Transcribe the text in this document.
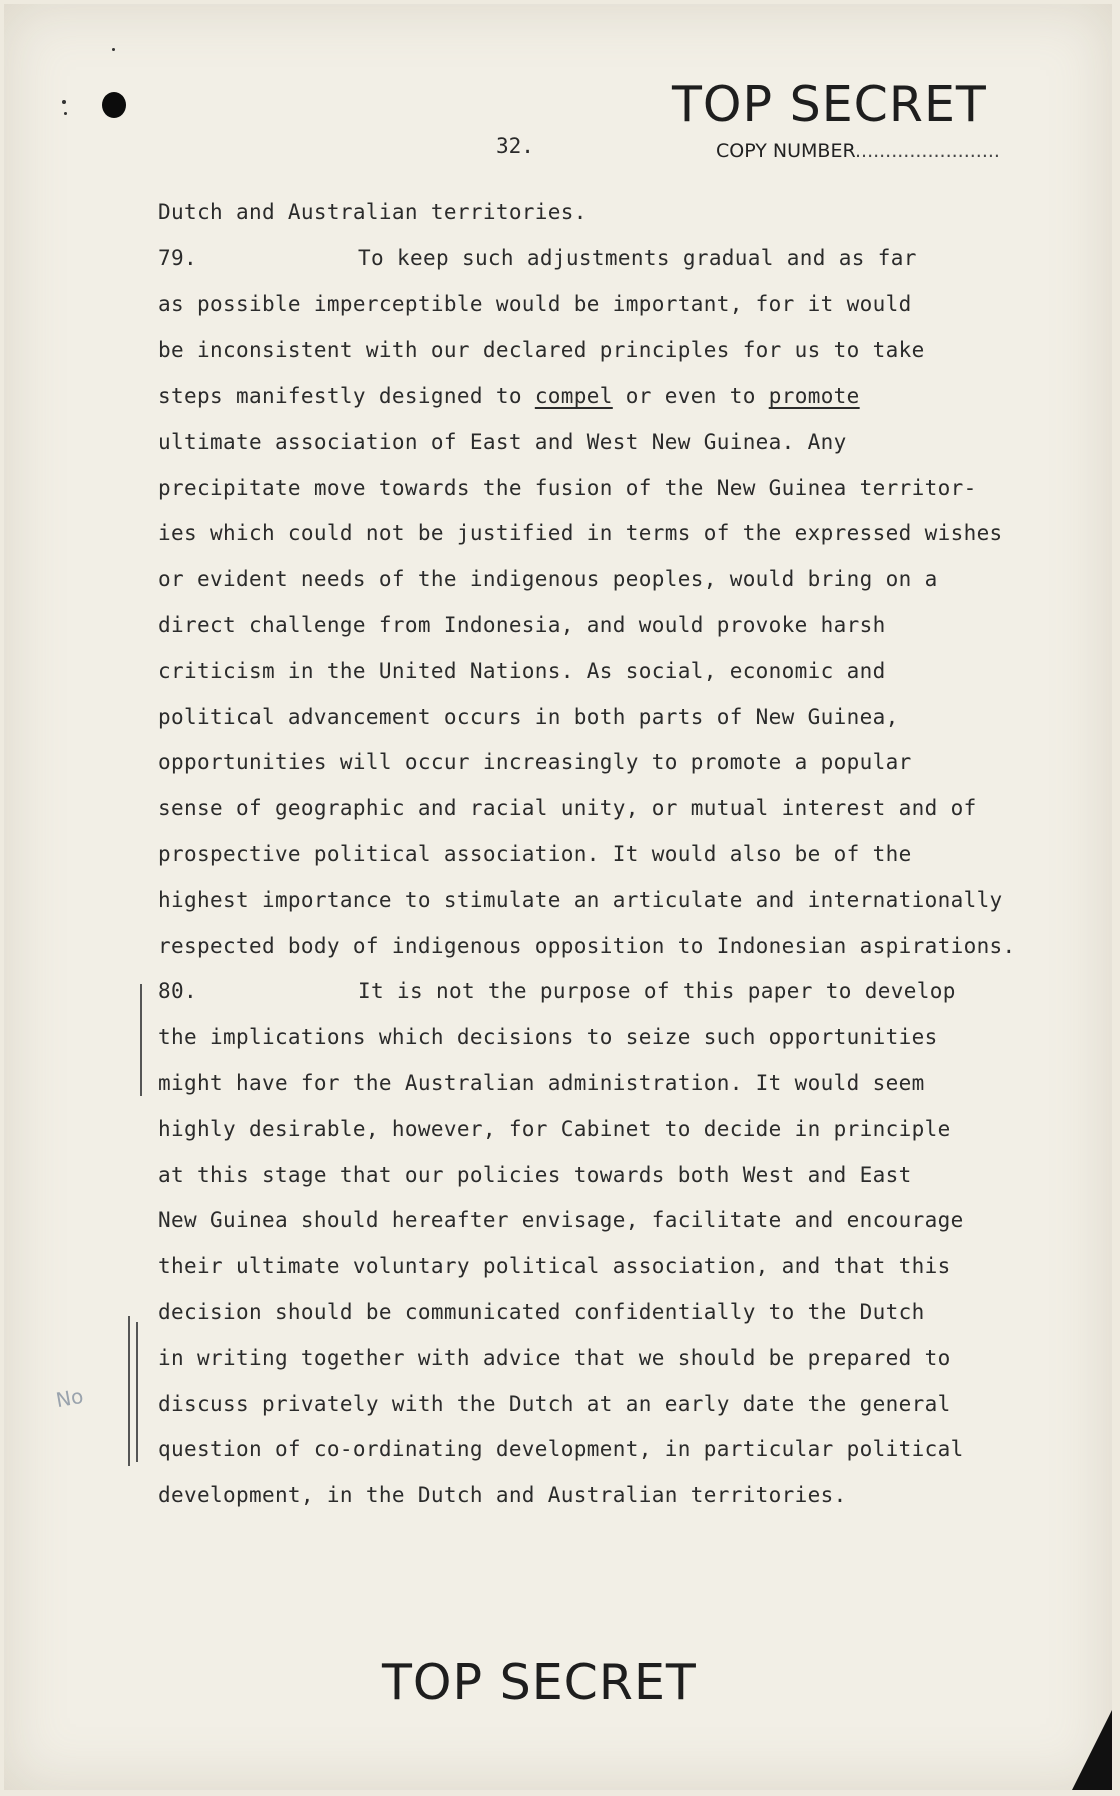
TOP SECRET
32.	COPY NUMBER........................
Dutch and Australian territories.
79.	To keep such adjustments gradual and as far
as possible imperceptible would be important, for it would
be inconsistent with our declared principles for us to take
steps manifestly designed to compel or even to promote
ultimate association of East and West New Guinea. Any
precipitate move towards the fusion of the New Guinea territor-
ies which could not be justified in terms of the expressed wishes
or evident needs of the indigenous peoples, would bring on a
direct challenge from Indonesia, and would provoke harsh
criticism in the United Nations. As social, economic and
political advancement occurs in both parts of New Guinea,
opportunities will occur increasingly to promote a popular
sense of geographic and racial unity, or mutual interest and of
prospective political association. It would also be of the
highest importance to stimulate an articulate and internationally
respected body of indigenous opposition to Indonesian aspirations.
80.	It is not the purpose of this paper to develop
the implications which decisions to seize such opportunities
might have for the Australian administration. It would seem
highly desirable, however, for Cabinet to decide in principle
at this stage that our policies towards both West and East
New Guinea should hereafter envisage, facilitate and encourage
their ultimate voluntary political association, and that this
decision should be communicated confidentially to the Dutch
in writing together with advice that we should be prepared to
discuss privately with the Dutch at an early date the general
question of co-ordinating development, in particular political
development, in the Dutch and Australian territories.
No
TOP SECRET
